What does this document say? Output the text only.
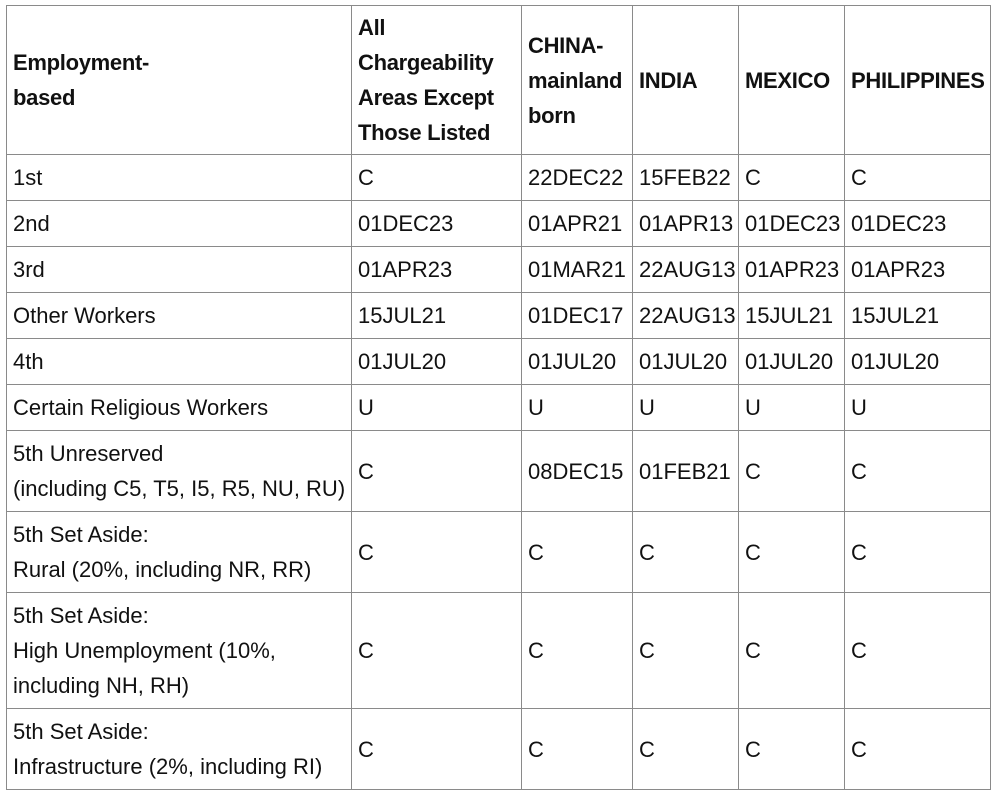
Employment-
based	All
Chargeability
Areas Except
Those Listed	CHINA-
mainland
born	INDIA	MEXICO	PHILIPPINES
1st	C	22DEC22	15FEB22	C	C
2nd	01DEC23	01APR21	01APR13	01DEC23	01DEC23
3rd	01APR23	01MAR21	22AUG13	01APR23	01APR23
Other Workers	15JUL21	01DEC17	22AUG13	15JUL21	15JUL21
4th	01JUL20	01JUL20	01JUL20	01JUL20	01JUL20
Certain Religious Workers	U	U	U	U	U
5th Unreserved
(including C5, T5, I5, R5, NU, RU)	C	08DEC15	01FEB21	C	C
5th Set Aside:
Rural (20%, including NR, RR)	C	C	C	C	C
5th Set Aside:
High Unemployment (10%,
including NH, RH)	C	C	C	C	C
5th Set Aside:
Infrastructure (2%, including RI)	C	C	C	C	C
